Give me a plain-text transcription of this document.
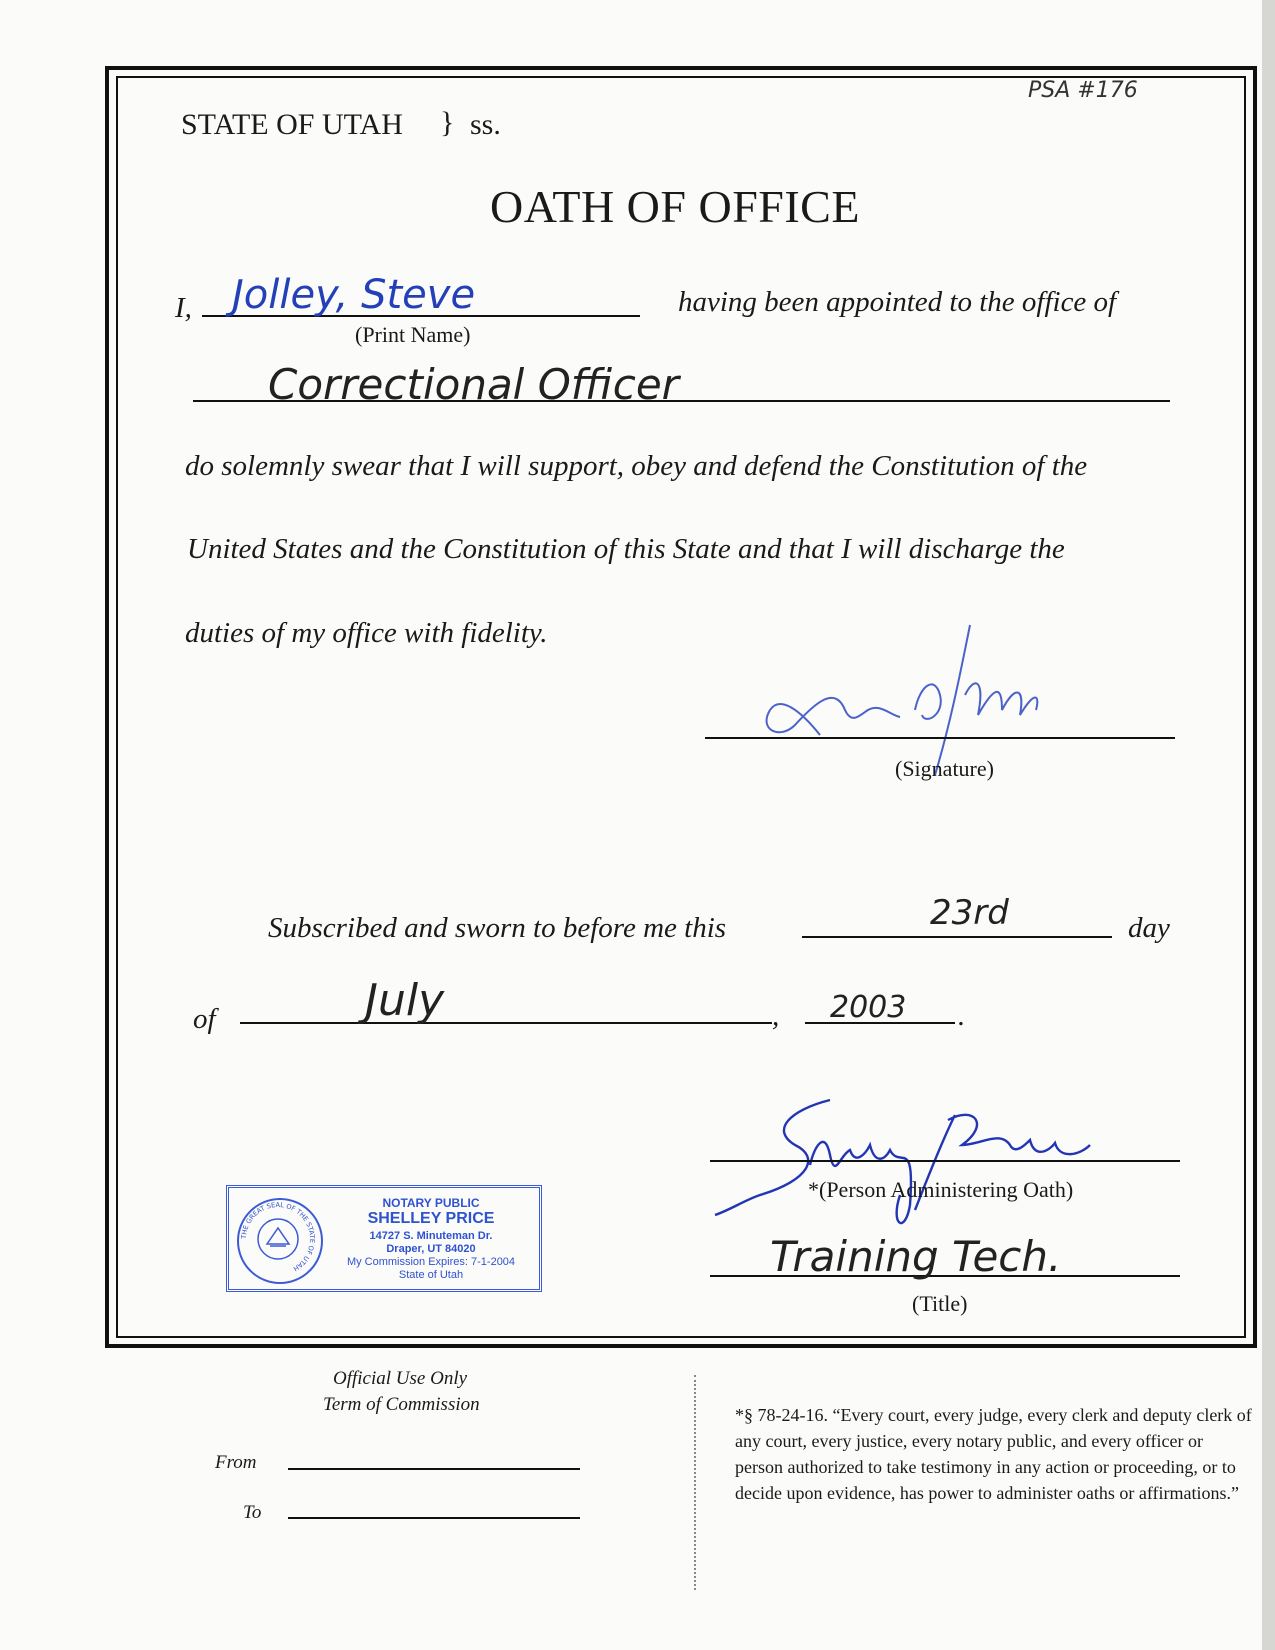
STATE OF UTAH } ss.
PSA #176
OATH OF OFFICE
I, Jolley, Steve
(Print Name)
having been appointed to the office of
Correctional Officer
do solemnly swear that I will support, obey and defend the Constitution of the
United States and the Constitution of this State and that I will discharge the
duties of my office with fidelity.
(Signature)
Subscribed and sworn to before me this	23rd	day
of	July	, 2003 .
*(Person Administering Oath)
Training Tech.
(Title)
THE GREAT SEAL OF THE STATE OF UTAH
NOTARY PUBLIC
SHELLEY PRICE
14727 S. Minuteman Dr.
Draper, UT 84020
My Commission Expires: 7-1-2004
State of Utah
Official Use Only
Term of Commission
From
To
*§ 78-24-16. “Every court, every judge, every clerk and deputy clerk of any court, every justice, every notary public, and every officer or person authorized to take testimony in any action or proceeding, or to decide upon evidence, has power to administer oaths or affirmations.”
